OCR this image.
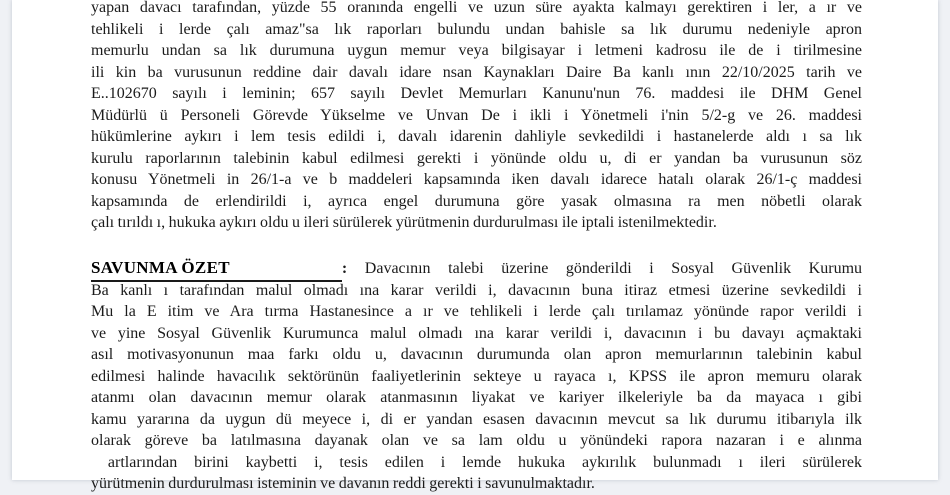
yapan davacı tarafından, yüzde 55 oranında engelli ve uzun süre ayakta kalmayı gerektiren i ler, a ır ve
tehlikeli i lerde çalı amaz"sa lık raporları bulundu undan bahisle sa lık durumu nedeniyle apron
memurlu undan sa lık durumuna uygun memur veya bilgisayar i letmeni kadrosu ile de i tirilmesine
ili kin ba vurusunun reddine dair davalı idare nsan Kaynakları Daire Ba kanlı ının 22/10/2025 tarih ve
E..102670 sayılı i leminin; 657 sayılı Devlet Memurları Kanunu'nun 76. maddesi ile DHM Genel
Müdürlü ü Personeli Görevde Yükselme ve Unvan De i ikli i Yönetmeli i'nin 5/2-g ve 26. maddesi
hükümlerine aykırı i lem tesis edildi i, davalı idarenin dahliyle sevkedildi i hastanelerde aldı ı sa lık
kurulu raporlarının talebinin kabul edilmesi gerekti i yönünde oldu u, di er yandan ba vurusunun söz
konusu Yönetmeli in 26/1-a ve b maddeleri kapsamında iken davalı idarece hatalı olarak 26/1-ç maddesi
kapsamında de erlendirildi i, ayrıca engel durumuna göre yasak olmasına ra men nöbetli olarak
çalı tırıldı ı, hukuka aykırı oldu u ileri sürülerek yürütmenin durdurulması ile iptali istenilmektedir.
SAVUNMA ÖZET	: Davacının talebi üzerine gönderildi i Sosyal Güvenlik Kurumu
Ba kanlı ı tarafından malul olmadı ına karar verildi i, davacının buna itiraz etmesi üzerine sevkedildi i
Mu la E itim ve Ara tırma Hastanesince a ır ve tehlikeli i lerde çalı tırılamaz yönünde rapor verildi i
ve yine Sosyal Güvenlik Kurumunca malul olmadı ına karar verildi i, davacının i bu davayı açmaktaki
asıl motivasyonunun maa farkı oldu u, davacının durumunda olan apron memurlarının talebinin kabul
edilmesi halinde havacılık sektörünün faaliyetlerinin sekteye u rayaca ı, KPSS ile apron memuru olarak
atanmı olan davacının memur olarak atanmasının liyakat ve kariyer ilkeleriyle ba da mayaca ı gibi
kamu yararına da uygun dü meyece i, di er yandan esasen davacının mevcut sa lık durumu itibarıyla ilk
olarak göreve ba latılmasına dayanak olan ve sa lam oldu u yönündeki rapora nazaran i e alınma
artlarından birini kaybetti i, tesis edilen i lemde hukuka aykırılık bulunmadı ı ileri sürülerek
yürütmenin durdurulması isteminin ve davanın reddi gerekti i savunulmaktadır.
